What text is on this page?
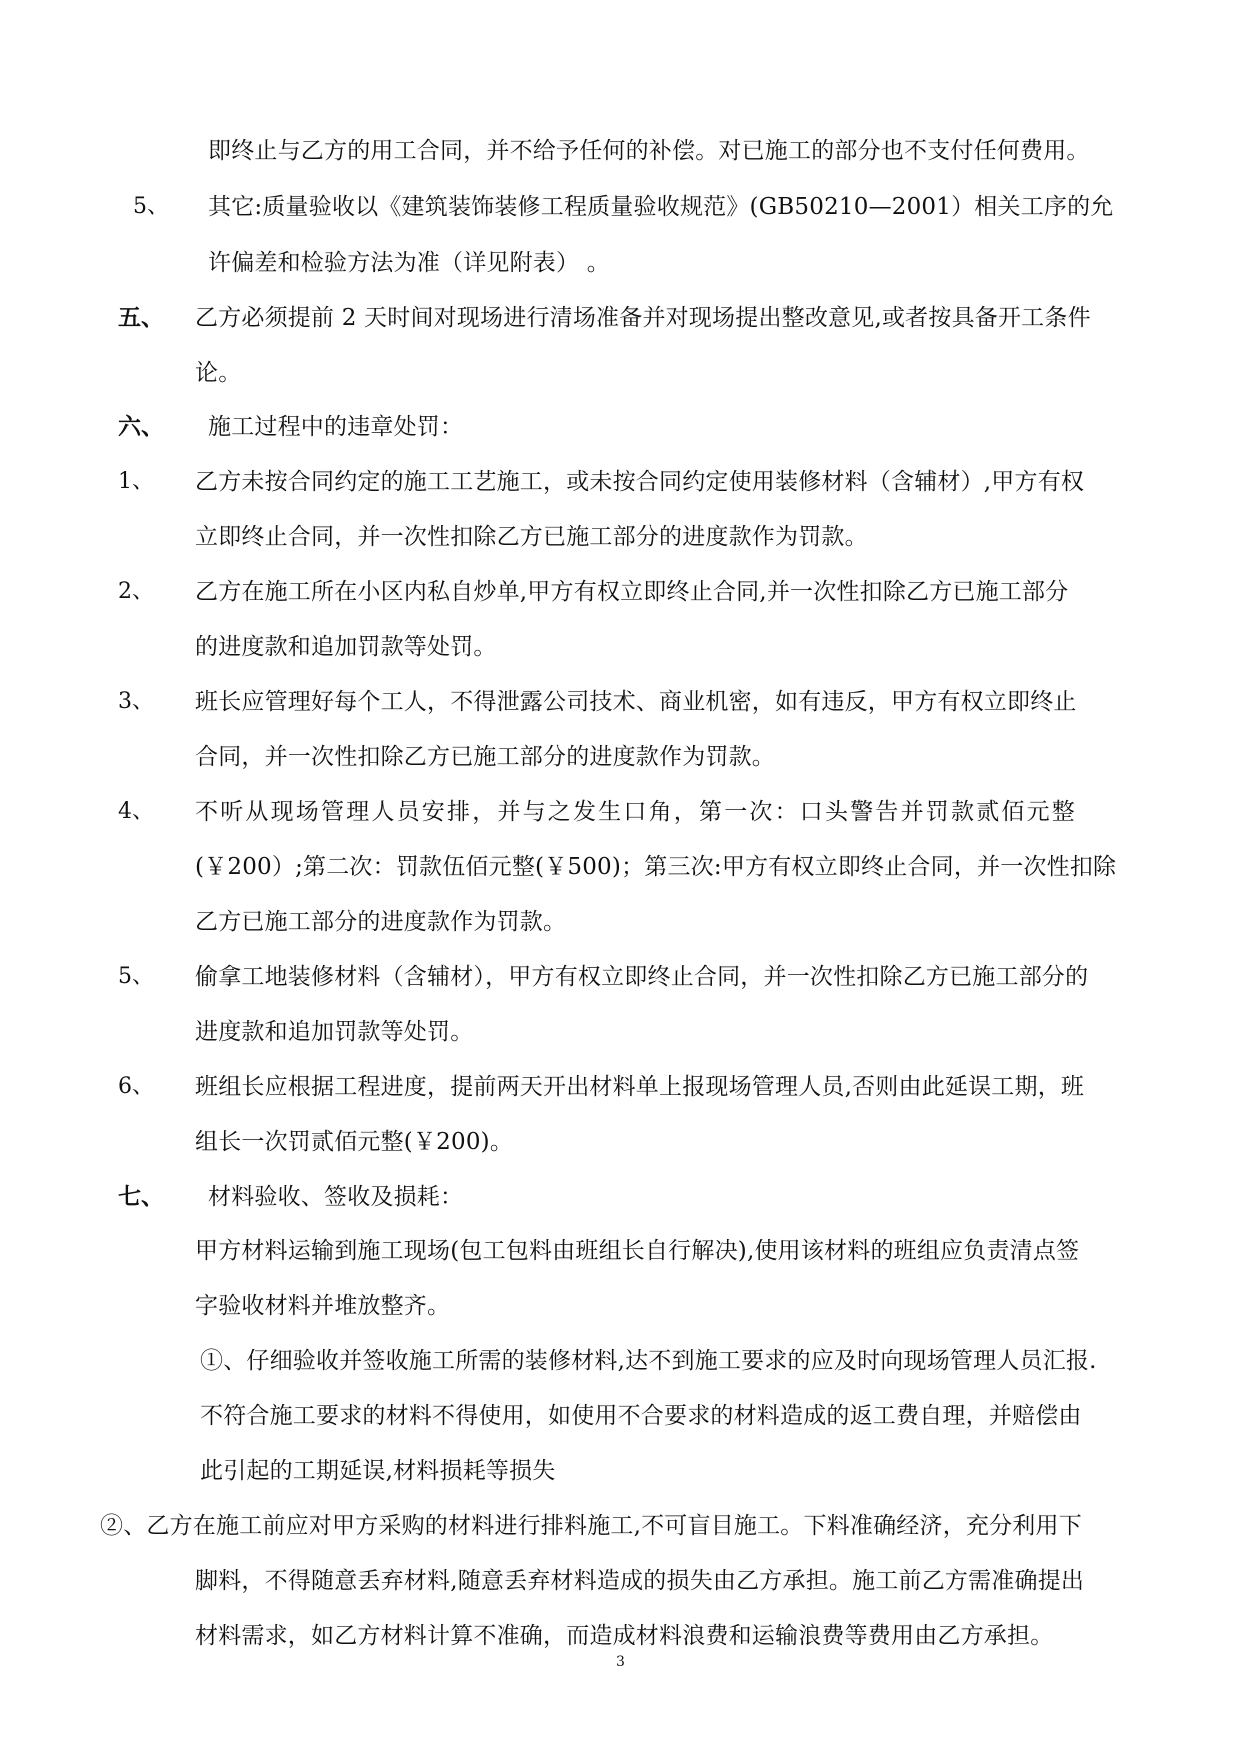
即终止与乙方的用工合同，并不给予任何的补偿。对已施工的部分也不支付任何费用。
5、 其它:质量验收以《建筑装饰装修工程质量验收规范》(GB50210—2001）相关工序的允
许偏差和检验方法为准（详见附表） 。
五、 乙方必须提前 2 天时间对现场进行清场准备并对现场提出整改意见,或者按具备开工条件
论。
六、 施工过程中的违章处罚：
1、 乙方未按合同约定的施工工艺施工，或未按合同约定使用装修材料（含辅材）,甲方有权
立即终止合同，并一次性扣除乙方已施工部分的进度款作为罚款。
2、 乙方在施工所在小区内私自炒单,甲方有权立即终止合同,并一次性扣除乙方已施工部分
的进度款和追加罚款等处罚。
3、 班长应管理好每个工人，不得泄露公司技术、商业机密，如有违反，甲方有权立即终止
合同，并一次性扣除乙方已施工部分的进度款作为罚款。
4、 不听从现场管理人员安排，并与之发生口角，第一次：口头警告并罚款贰佰元整
(￥200）;第二次：罚款伍佰元整(￥500)；第三次:甲方有权立即终止合同，并一次性扣除
乙方已施工部分的进度款作为罚款。
5、 偷拿工地装修材料（含辅材），甲方有权立即终止合同，并一次性扣除乙方已施工部分的
进度款和追加罚款等处罚。
6、 班组长应根据工程进度，提前两天开出材料单上报现场管理人员,否则由此延误工期，班
组长一次罚贰佰元整(￥200)。
七、 材料验收、签收及损耗：
甲方材料运输到施工现场(包工包料由班组长自行解决),使用该材料的班组应负责清点签
字验收材料并堆放整齐。
①、仔细验收并签收施工所需的装修材料,达不到施工要求的应及时向现场管理人员汇报.
不符合施工要求的材料不得使用，如使用不合要求的材料造成的返工费自理，并赔偿由
此引起的工期延误,材料损耗等损失
②、乙方在施工前应对甲方采购的材料进行排料施工,不可盲目施工。下料准确经济，充分利用下
脚料，不得随意丢弃材料,随意丢弃材料造成的损失由乙方承担。施工前乙方需准确提出
材料需求，如乙方材料计算不准确，而造成材料浪费和运输浪费等费用由乙方承担。
3
